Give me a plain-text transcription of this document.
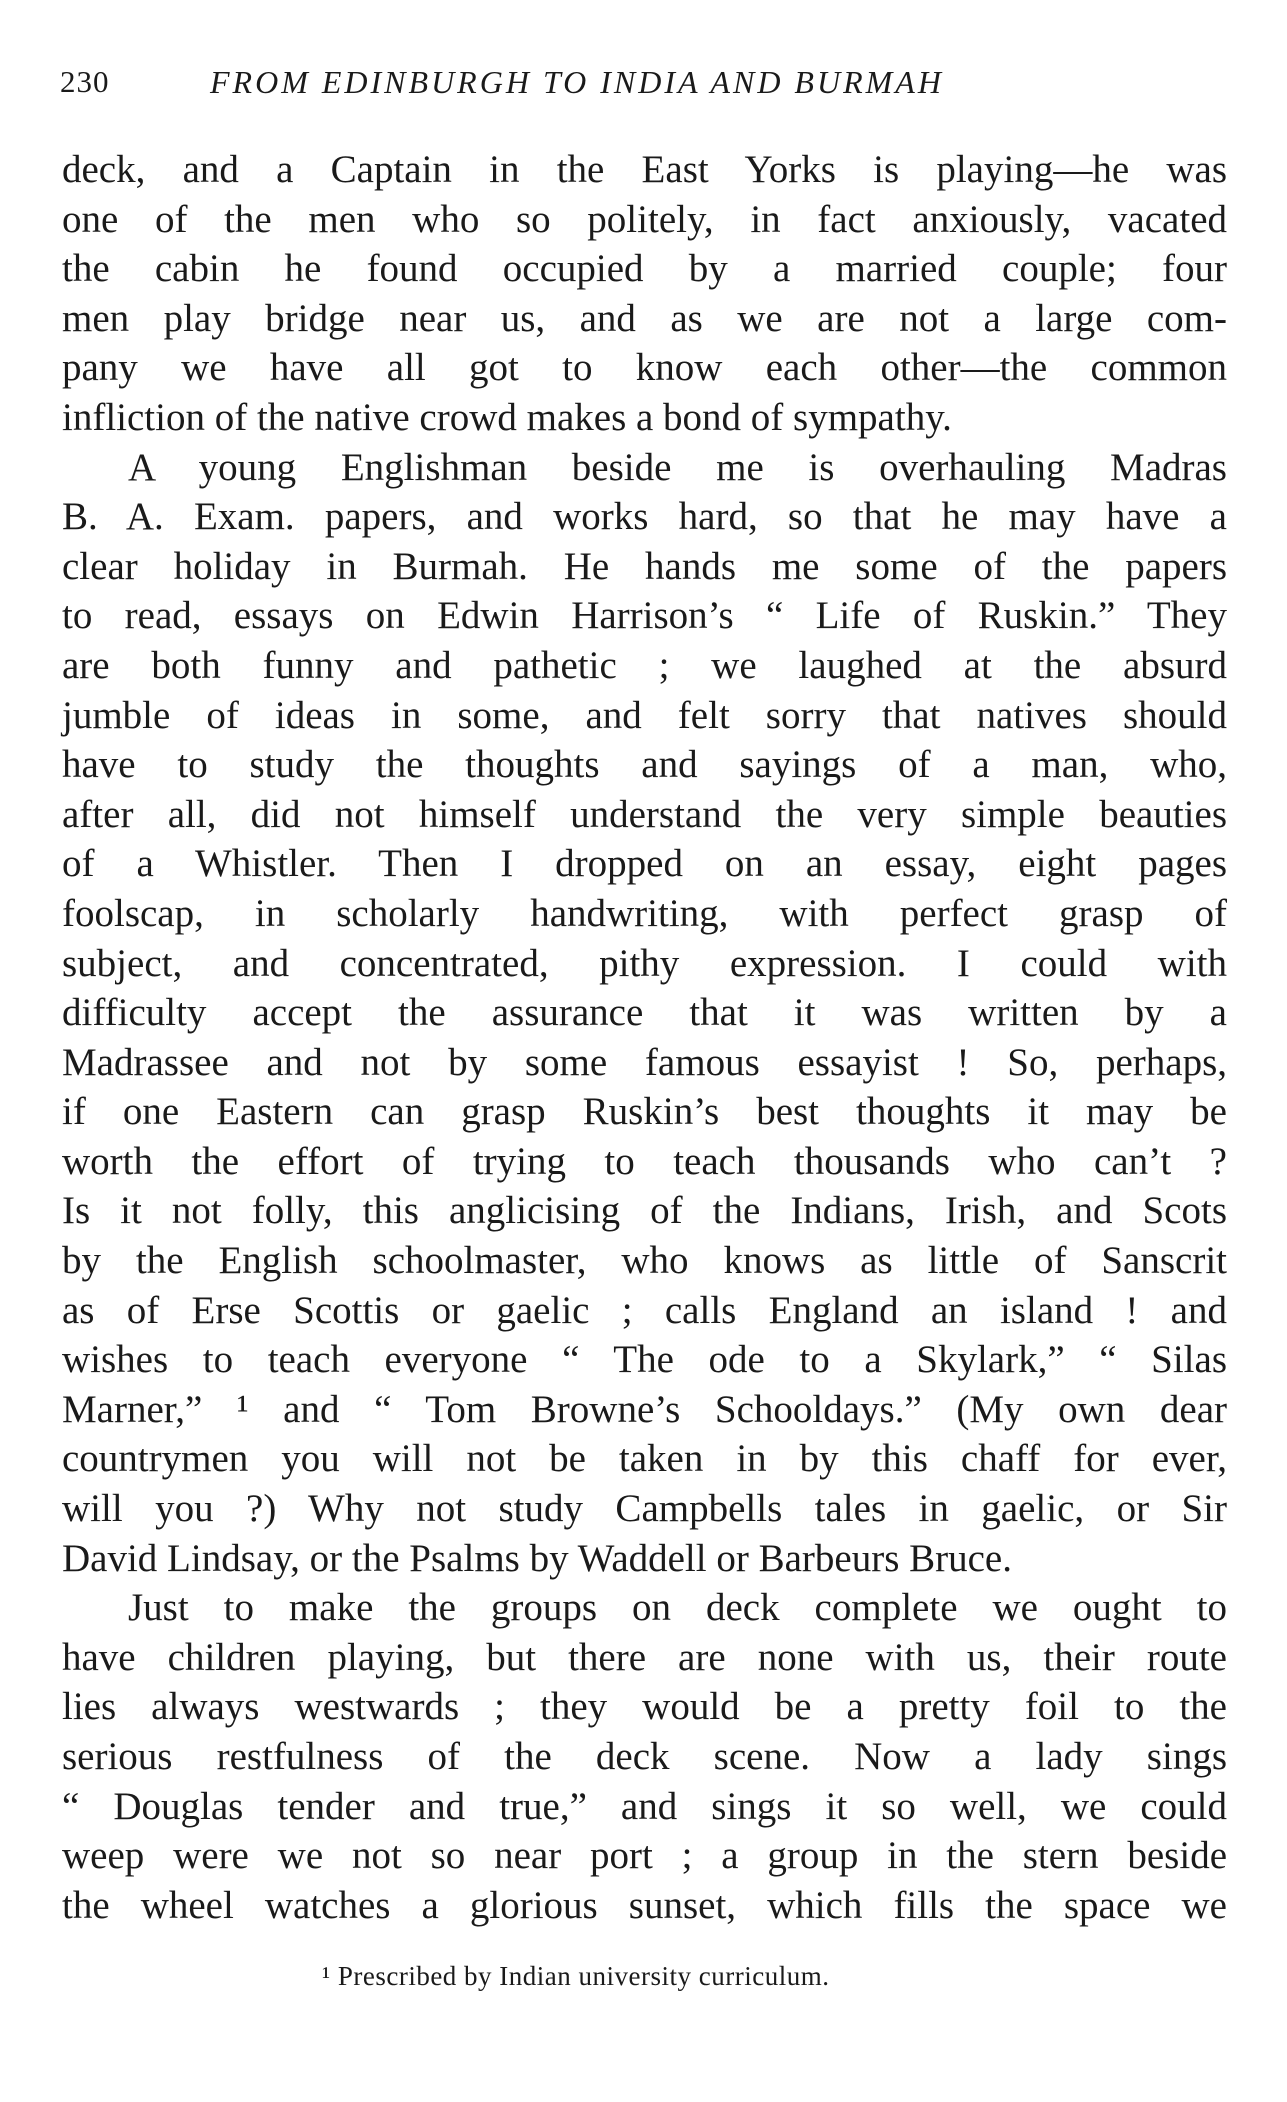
230	FROM EDINBURGH TO INDIA AND BURMAH
deck, and a Captain in the East Yorks is playing—he was
one of the men who so politely, in fact anxiously, vacated
the cabin he found occupied by a married couple; four
men play bridge near us, and as we are not a large com-
pany we have all got to know each other—the common
infliction of the native crowd makes a bond of sympathy.
A young Englishman beside me is overhauling Madras
B. A. Exam. papers, and works hard, so that he may have a
clear holiday in Burmah. He hands me some of the papers
to read, essays on Edwin Harrison’s “ Life of Ruskin.” They
are both funny and pathetic ; we laughed at the absurd
jumble of ideas in some, and felt sorry that natives should
have to study the thoughts and sayings of a man, who,
after all, did not himself understand the very simple beauties
of a Whistler. Then I dropped on an essay, eight pages
foolscap, in scholarly handwriting, with perfect grasp of
subject, and concentrated, pithy expression. I could with
difficulty accept the assurance that it was written by a
Madrassee and not by some famous essayist ! So, perhaps,
if one Eastern can grasp Ruskin’s best thoughts it may be
worth the effort of trying to teach thousands who can’t ?
Is it not folly, this anglicising of the Indians, Irish, and Scots
by the English schoolmaster, who knows as little of Sanscrit
as of Erse Scottis or gaelic ; calls England an island ! and
wishes to teach everyone “ The ode to a Skylark,” “ Silas
Marner,” ¹ and “ Tom Browne’s Schooldays.” (My own dear
countrymen you will not be taken in by this chaff for ever,
will you ?) Why not study Campbells tales in gaelic, or Sir
David Lindsay, or the Psalms by Waddell or Barbeurs Bruce.
Just to make the groups on deck complete we ought to
have children playing, but there are none with us, their route
lies always westwards ; they would be a pretty foil to the
serious restfulness of the deck scene. Now a lady sings
“ Douglas tender and true,” and sings it so well, we could
weep were we not so near port ; a group in the stern beside
the wheel watches a glorious sunset, which fills the space we
¹ Prescribed by Indian university curriculum.
